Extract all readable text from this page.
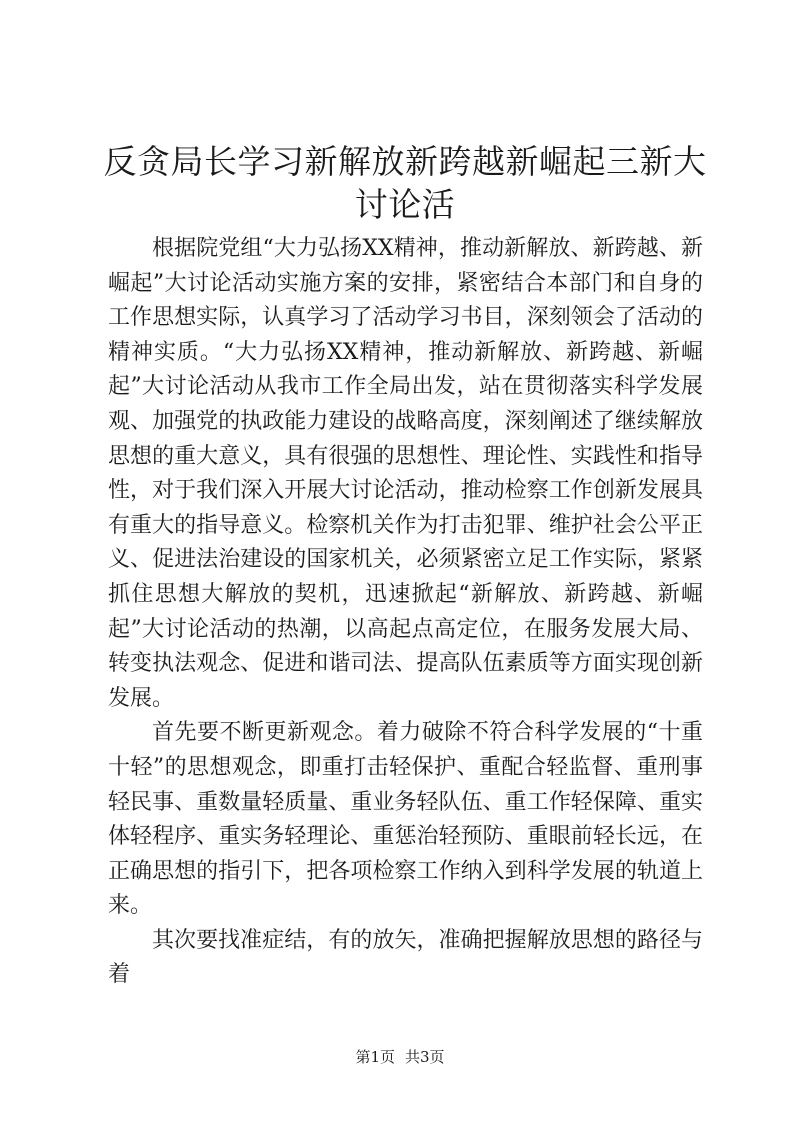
反贪局长学习新解放新跨越新崛起三新大讨论活

根据院党组“大力弘扬XX精神，推动新解放、新跨越、新崛起”大讨论活动实施方案的安排，紧密结合本部门和自身的工作思想实际，认真学习了活动学习书目，深刻领会了活动的精神实质。“大力弘扬XX精神，推动新解放、新跨越、新崛起”大讨论活动从我市工作全局出发，站在贯彻落实科学发展观、加强党的执政能力建设的战略高度，深刻阐述了继续解放思想的重大意义，具有很强的思想性、理论性、实践性和指导性，对于我们深入开展大讨论活动，推动检察工作创新发展具有重大的指导意义。检察机关作为打击犯罪、维护社会公平正义、促进法治建设的国家机关，必须紧密立足工作实际，紧紧抓住思想大解放的契机，迅速掀起“新解放、新跨越、新崛起”大讨论活动的热潮，以高起点高定位，在服务发展大局、转变执法观念、促进和谐司法、提高队伍素质等方面实现创新发展。

首先要不断更新观念。着力破除不符合科学发展的“十重十轻”的思想观念，即重打击轻保护、重配合轻监督、重刑事轻民事、重数量轻质量、重业务轻队伍、重工作轻保障、重实体轻程序、重实务轻理论、重惩治轻预防、重眼前轻长远，在正确思想的指引下，把各项检察工作纳入到科学发展的轨道上来。

其次要找准症结，有的放矢，准确把握解放思想的路径与着

第1页 共3页
